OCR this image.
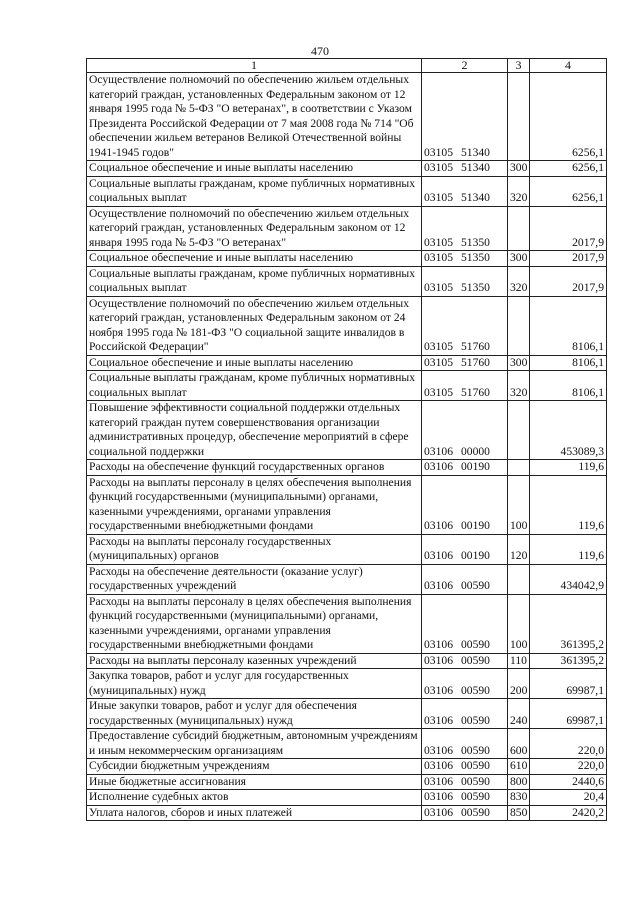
470
1	2	3	4
Осуществление полномочий по обеспечению жильем отдельных категорий граждан, установленных Федеральным законом от 12 января 1995 года № 5-ФЗ "О ветеранах", в соответствии с Указом Президента Российской Федерации от 7 мая 2008 года № 714 "Об обеспечении жильем ветеранов Великой Отечественной войны 1941-1945 годов"	03105 51340		6256,1
Социальное обеспечение и иные выплаты населению	03105 51340	300	6256,1
Социальные выплаты гражданам, кроме публичных нормативных социальных выплат	03105 51340	320	6256,1
Осуществление полномочий по обеспечению жильем отдельных категорий граждан, установленных Федеральным законом от 12 января 1995 года № 5-ФЗ "О ветеранах"	03105 51350		2017,9
Социальное обеспечение и иные выплаты населению	03105 51350	300	2017,9
Социальные выплаты гражданам, кроме публичных нормативных социальных выплат	03105 51350	320	2017,9
Осуществление полномочий по обеспечению жильем отдельных категорий граждан, установленных Федеральным законом от 24 ноября 1995 года № 181-ФЗ "О социальной защите инвалидов в Российской Федерации"	03105 51760		8106,1
Социальное обеспечение и иные выплаты населению	03105 51760	300	8106,1
Социальные выплаты гражданам, кроме публичных нормативных социальных выплат	03105 51760	320	8106,1
Повышение эффективности социальной поддержки отдельных категорий граждан путем совершенствования организации административных процедур, обеспечение мероприятий в сфере социальной поддержки	03106 00000		453089,3
Расходы на обеспечение функций государственных органов	03106 00190		119,6
Расходы на выплаты персоналу в целях обеспечения выполнения функций государственными (муниципальными) органами, казенными учреждениями, органами управления государственными внебюджетными фондами	03106 00190	100	119,6
Расходы на выплаты персоналу государственных (муниципальных) органов	03106 00190	120	119,6
Расходы на обеспечение деятельности (оказание услуг) государственных учреждений	03106 00590		434042,9
Расходы на выплаты персоналу в целях обеспечения выполнения функций государственными (муниципальными) органами, казенными учреждениями, органами управления государственными внебюджетными фондами	03106 00590	100	361395,2
Расходы на выплаты персоналу казенных учреждений	03106 00590	110	361395,2
Закупка товаров, работ и услуг для государственных (муниципальных) нужд	03106 00590	200	69987,1
Иные закупки товаров, работ и услуг для обеспечения государственных (муниципальных) нужд	03106 00590	240	69987,1
Предоставление субсидий бюджетным, автономным учреждениям и иным некоммерческим организациям	03106 00590	600	220,0
Субсидии бюджетным учреждениям	03106 00590	610	220,0
Иные бюджетные ассигнования	03106 00590	800	2440,6
Исполнение судебных актов	03106 00590	830	20,4
Уплата налогов, сборов и иных платежей	03106 00590	850	2420,2
